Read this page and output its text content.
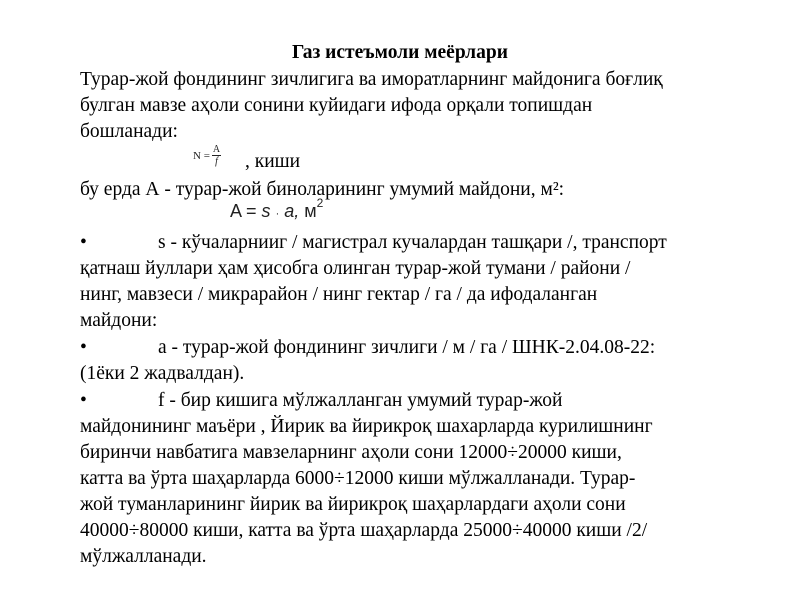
Газ истеъмоли меёрлари

Турар-жой фондининг зичлигига ва иморатларнинг майдонига боғлиқ

булган мавзе аҳоли сонини куйидаги ифода орқали топишдан

бошланади:

$N = \frac{A}{f}$ , киши

бу ерда А - турар-жой биноларининг умумий майдони, м²:

A = s · a, $м^2$

•	s - кўчаларнииг / магистрал кучалардан ташқари /, транспорт

қатнаш йуллари ҳам ҳисобга олинган турар-жой тумани / райони /

нинг, мавзеси / микрарайон / нинг гектар / га / да ифодаланган

майдони:

•	а - турар-жой фондининг зичлиги / м / га / ШНК-2.04.08-22:

(1ёки 2 жадвалдан).

•	f - бир кишига мўлжалланган умумий турар-жой

майдонининг маъёри , Йирик ва йирикроқ шахарларда курилишнинг

биринчи навбатига мавзеларнинг аҳоли сони 12000÷20000 киши,

катта ва ўрта шаҳарларда 6000÷12000 киши мўлжалланади. Турар-

жой туманларининг йирик ва йирикроқ шаҳарлардаги аҳоли сони

40000÷80000 киши, катта ва ўрта шаҳарларда 25000÷40000 киши /2/

мўлжалланади.
